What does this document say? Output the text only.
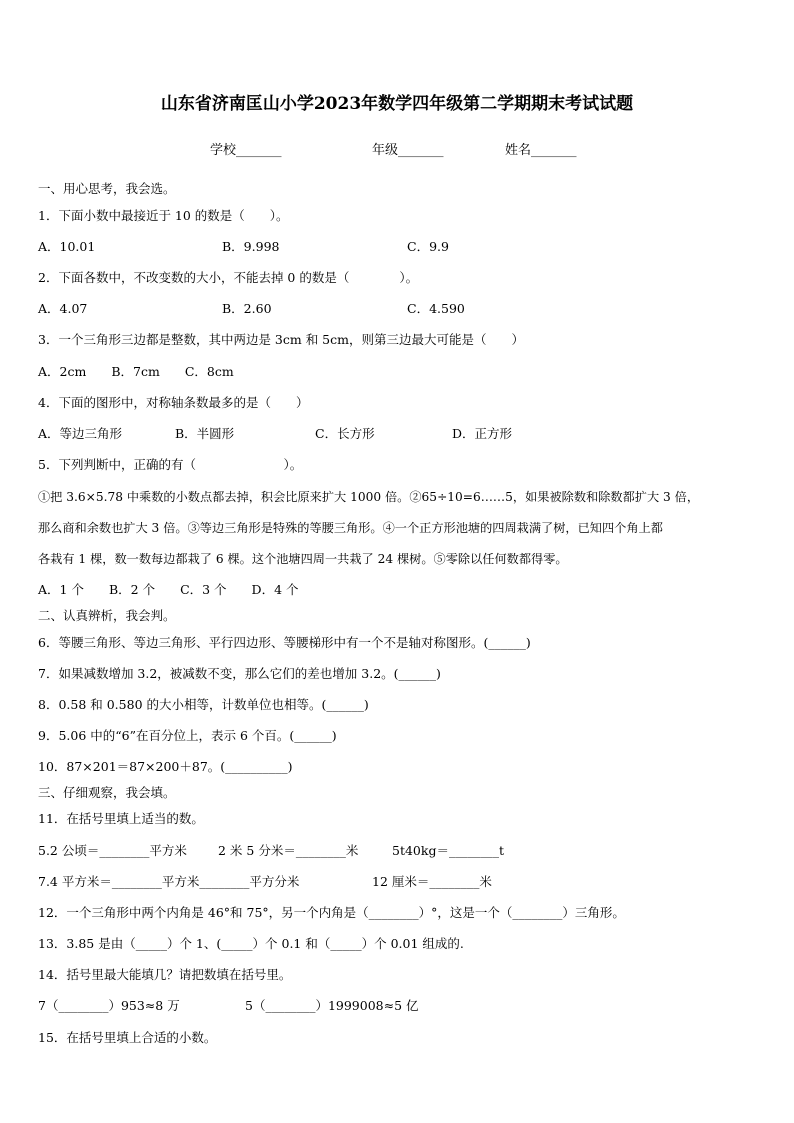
山东省济南匡山小学2023年数学四年级第二学期期末考试试题
学校_______	年级_______	姓名_______
一、用心思考，我会选。
1．下面小数中最接近于 10 的数是（　　）。
A．10.01	B．9.998	C．9.9
2．下面各数中，不改变数的大小，不能去掉 0 的数是（　　　　）。
A．4.07	B．2.60	C．4.590
3．一个三角形三边都是整数，其中两边是 3cm 和 5cm，则第三边最大可能是（　　）
A．2cm　　B．7cm　　C．8cm
4．下面的图形中，对称轴条数最多的是（　　）
A．等边三角形	B．半圆形	C．长方形	D．正方形
5．下列判断中，正确的有（　　　　　　　）。
①把 3.6×5.78 中乘数的小数点都去掉，积会比原来扩大 1000 倍。②65÷10=6……5，如果被除数和除数都扩大 3 倍，
那么商和余数也扩大 3 倍。③等边三角形是特殊的等腰三角形。④一个正方形池塘的四周栽满了树，已知四个角上都
各栽有 1 棵，数一数每边都栽了 6 棵。这个池塘四周一共栽了 24 棵树。⑤零除以任何数都得零。
A．1 个　　B．2 个　　C．3 个　　D．4 个
二、认真辨析，我会判。
6．等腰三角形、等边三角形、平行四边形、等腰梯形中有一个不是轴对称图形。(______)
7．如果减数增加 3.2，被减数不变，那么它们的差也增加 3.2。(______)
8．0.58 和 0.580 的大小相等，计数单位也相等。(______)
9．5.06 中的“6”在百分位上，表示 6 个百。(______)
10．87×201＝87×200＋87。(__________)
三、仔细观察，我会填。
11．在括号里填上适当的数。
5.2 公顷＝________平方米 2 米 5 分米＝________米	5t40kg＝________t
7.4 平方米＝________平方米________平方分米	12 厘米＝________米
12．一个三角形中两个内角是 46°和 75°，另一个内角是（________）°，这是一个（________）三角形。
13．3.85 是由（_____）个 1、(_____）个 0.1 和（_____）个 0.01 组成的.
14．括号里最大能填几？请把数填在括号里。
7（________）953≈8 万	5（________）1999008≈5 亿
15．在括号里填上合适的小数。
